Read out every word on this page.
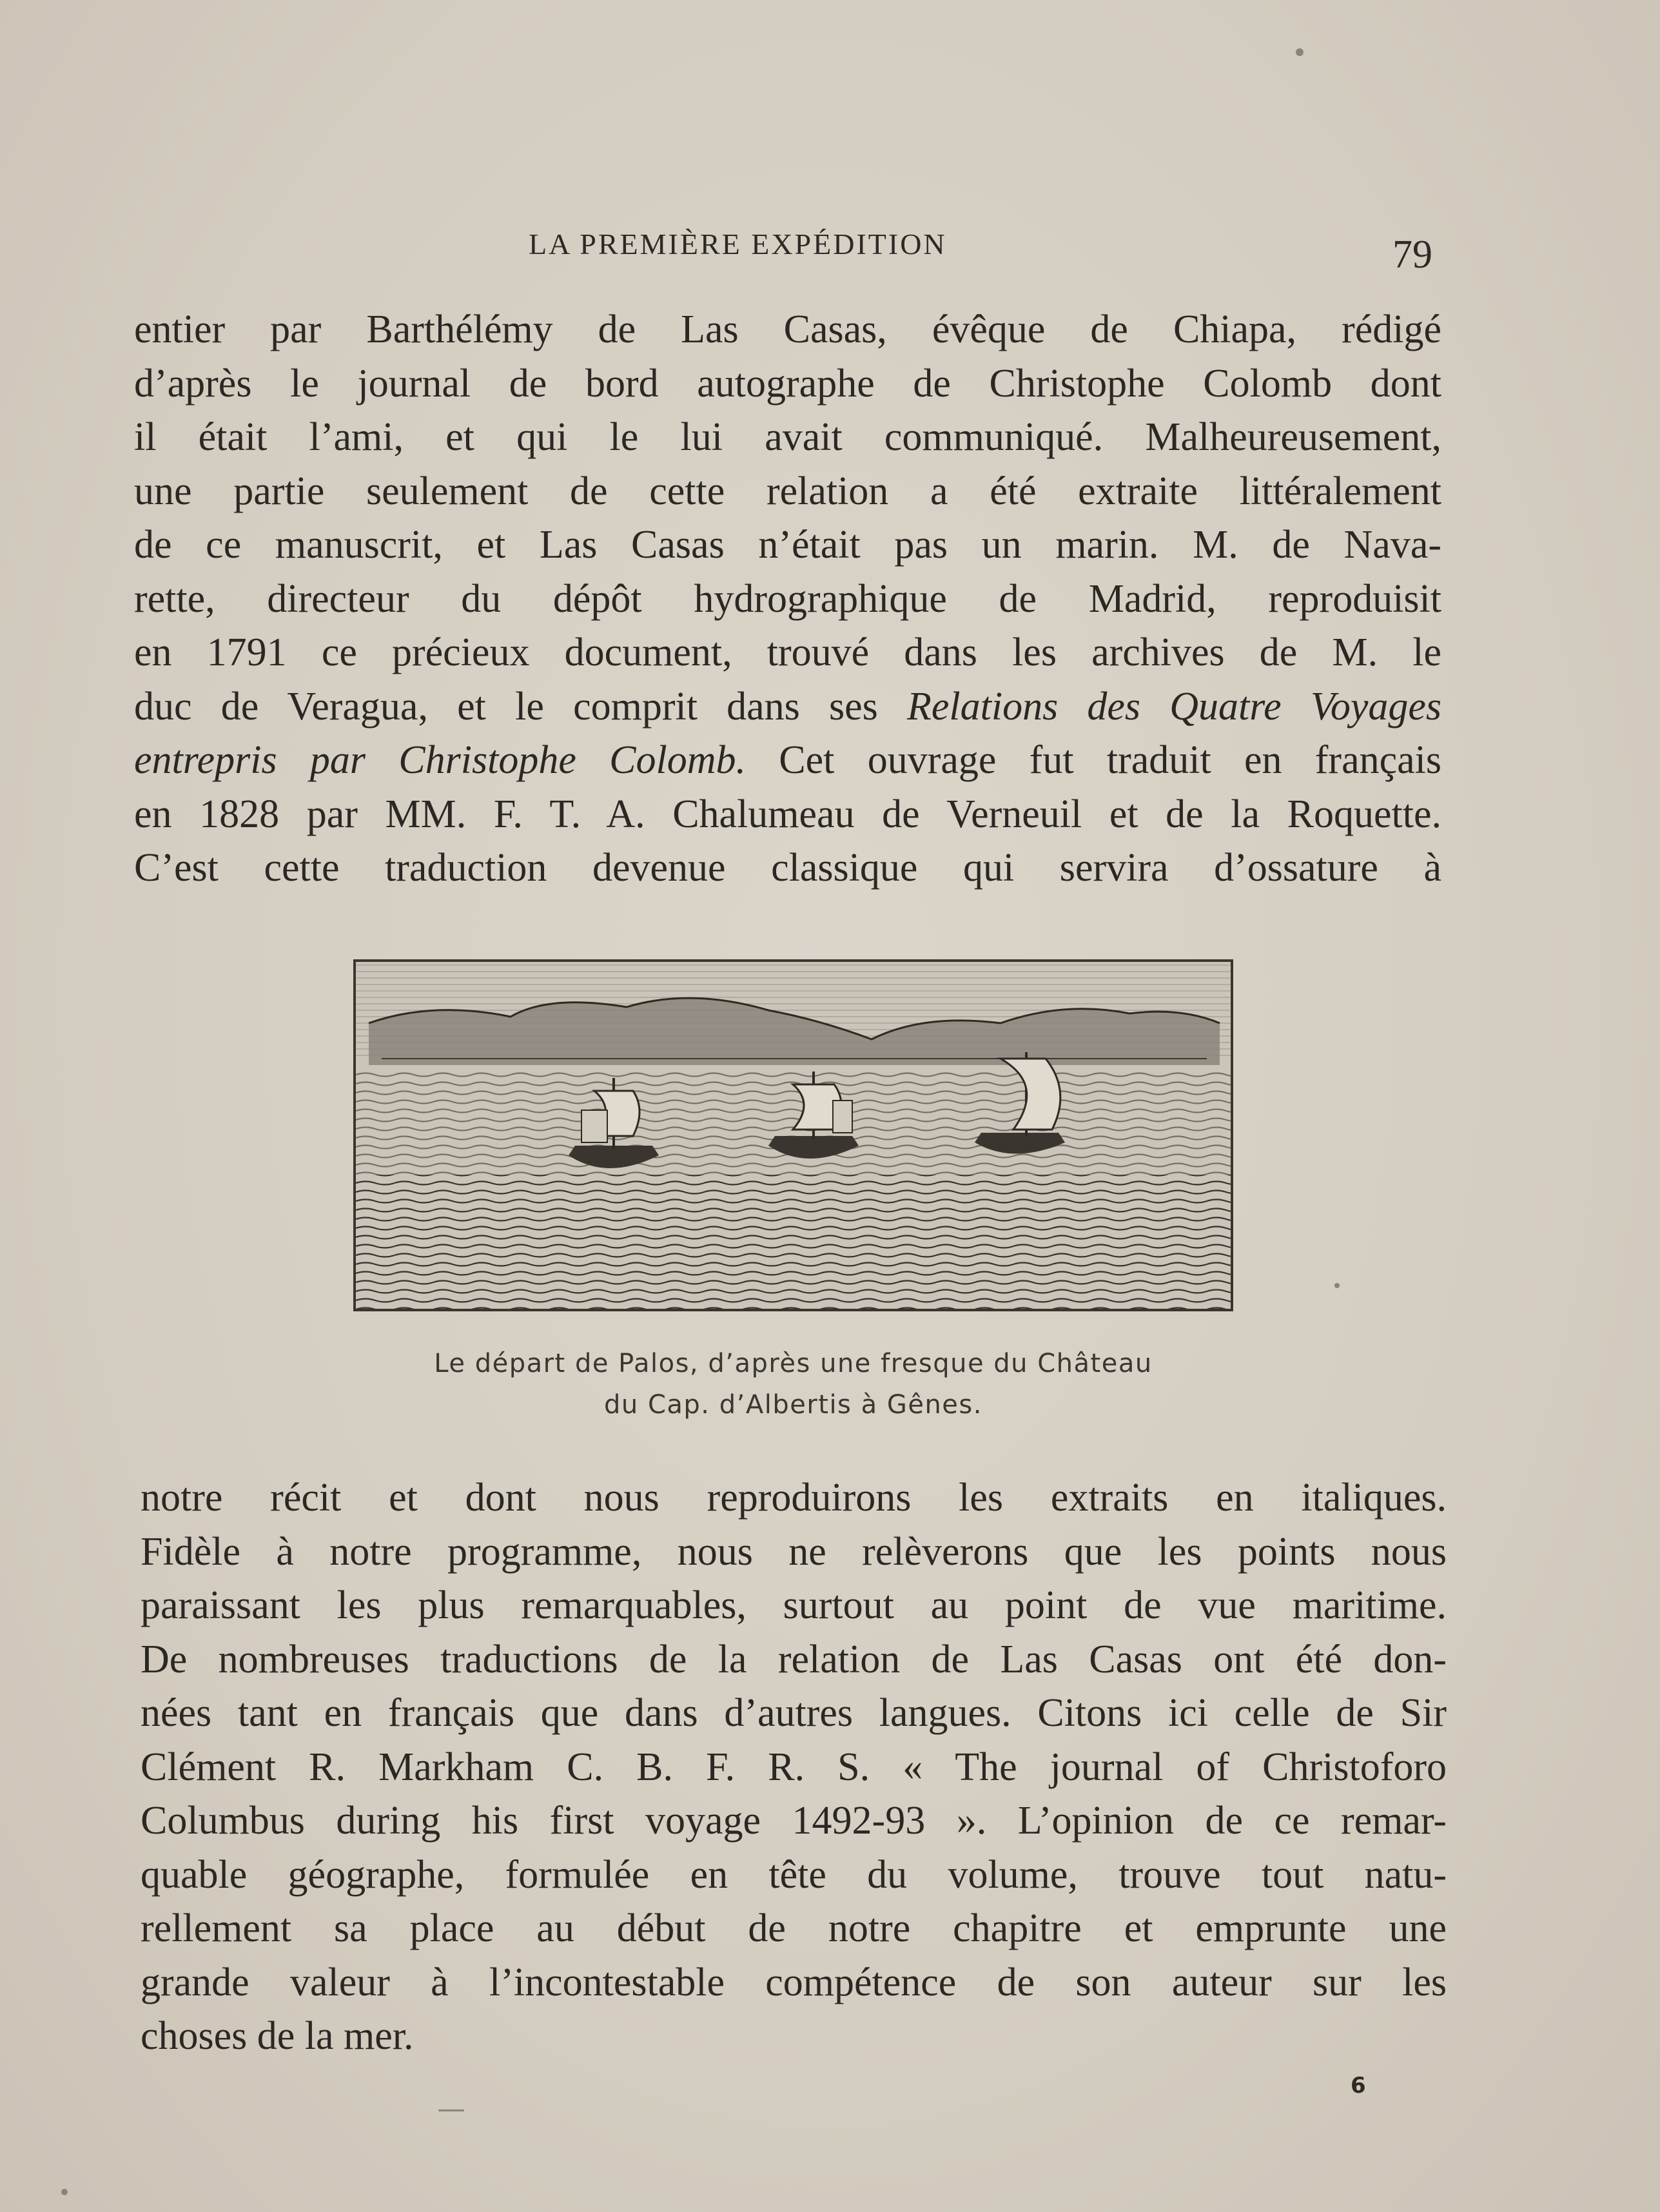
LA PREMIÈRE EXPÉDITION	79
entier par Barthélémy de Las Casas, évêque de Chiapa, rédigé
d’après le journal de bord autographe de Christophe Colomb dont
il était l’ami, et qui le lui avait communiqué. Malheureusement,
une partie seulement de cette relation a été extraite littéralement
de ce manuscrit, et Las Casas n’était pas un marin. M. de Nava-
rette, directeur du dépôt hydrographique de Madrid, reproduisit
en 1791 ce précieux document, trouvé dans les archives de M. le
duc de Veragua, et le comprit dans ses Relations des Quatre Voyages
entrepris par Christophe Colomb. Cet ouvrage fut traduit en français
en 1828 par MM. F. T. A. Chalumeau de Verneuil et de la Roquette.
C’est cette traduction devenue classique qui servira d’ossature à
Le départ de Palos, d’après une fresque du Château
du Cap. d’Albertis à Gênes.
notre récit et dont nous reproduirons les extraits en italiques.
Fidèle à notre programme, nous ne relèverons que les points nous
paraissant les plus remarquables, surtout au point de vue maritime.
De nombreuses traductions de la relation de Las Casas ont été don-
nées tant en français que dans d’autres langues. Citons ici celle de Sir
Clément R. Markham C. B. F. R. S. « The journal of Christoforo
Columbus during his first voyage 1492-93 ». L’opinion de ce remar-
quable géographe, formulée en tête du volume, trouve tout natu-
rellement sa place au début de notre chapitre et emprunte une
grande valeur à l’incontestable compétence de son auteur sur les
choses de la mer.
6
